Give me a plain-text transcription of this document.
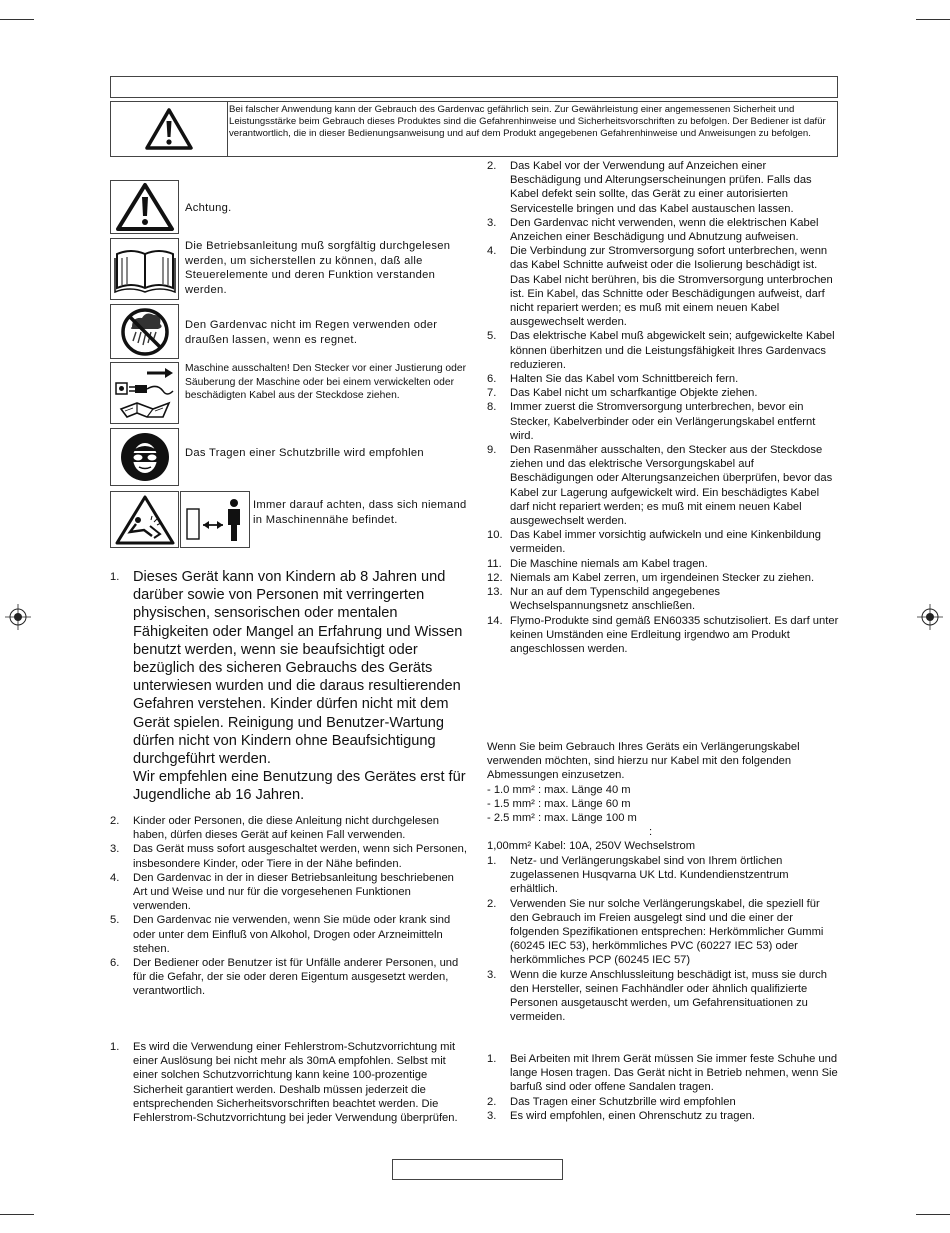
Bei falscher Anwendung kann der Gebrauch des Gardenvac gefährlich sein. Zur Gewährleistung einer angemessenen Sicherheit und Leistungsstärke beim Gebrauch dieses Produktes sind die Gefahrenhinweise und Sicherheitsvorschriften zu befolgen. Der Bediener ist dafür verantwortlich, die in dieser Bedienungsanweisung und auf dem Produkt angegebenen Gefahrenhinweise und Anweisungen zu befolgen.
Achtung.
Die Betriebsanleitung muß sorgfältig durchgelesen werden, um sicherstellen zu können, daß alle Steuerelemente und deren Funktion verstanden werden.
Den Gardenvac nicht im Regen verwenden oder draußen lassen, wenn es regnet.
Maschine ausschalten! Den Stecker vor einer Justierung oder Säuberung der Maschine oder bei einem verwickelten oder beschädigten Kabel aus der Steckdose ziehen.
Das Tragen einer Schutzbrille wird empfohlen
Immer darauf achten, dass sich niemand in Maschinennähe befindet.
1. Dieses Gerät kann von Kindern ab 8 Jahren und darüber sowie von Personen mit verringerten physischen, sensorischen oder mentalen Fähigkeiten oder Mangel an Erfahrung und Wissen benutzt werden, wenn sie beaufsichtigt oder bezüglich des sicheren Gebrauchs des Geräts unterwiesen wurden und die daraus resultierenden Gefahren verstehen. Kinder dürfen nicht mit dem Gerät spielen. Reinigung und Benutzer-Wartung dürfen nicht von Kindern ohne Beaufsichtigung durchgeführt werden.
Wir empfehlen eine Benutzung des Gerätes erst für Jugendliche ab 16 Jahren.
2. Kinder oder Personen, die diese Anleitung nicht durchgelesen haben, dürfen dieses Gerät auf keinen Fall verwenden.
3. Das Gerät muss sofort ausgeschaltet werden, wenn sich Personen, insbesondere Kinder, oder Tiere in der Nähe befinden.
4. Den Gardenvac in der in dieser Betriebsanleitung beschriebenen Art und Weise und nur für die vorgesehenen Funktionen verwenden.
5. Den Gardenvac nie verwenden, wenn Sie müde oder krank sind oder unter dem Einfluß von Alkohol, Drogen oder Arzneimitteln stehen.
6. Der Bediener oder Benutzer ist für Unfälle anderer Personen, und für die Gefahr, der sie oder deren Eigentum ausgesetzt werden, verantwortlich.
1. Es wird die Verwendung einer Fehlerstrom-Schutzvorrichtung mit einer Auslösung bei nicht mehr als 30mA empfohlen. Selbst mit einer solchen Schutzvorrichtung kann keine 100-prozentige Sicherheit garantiert werden. Deshalb müssen jederzeit die entsprechenden Sicherheitsvorschriften beachtet werden. Die Fehlerstrom-Schutzvorrichtung bei jeder Verwendung überprüfen.
2. Das Kabel vor der Verwendung auf Anzeichen einer Beschädigung und Alterungserscheinungen prüfen. Falls das Kabel defekt sein sollte, das Gerät zu einer autorisierten Servicestelle bringen und das Kabel austauschen lassen.
3. Den Gardenvac nicht verwenden, wenn die elektrischen Kabel Anzeichen einer Beschädigung und Abnutzung aufweisen.
4. Die Verbindung zur Stromversorgung sofort unterbrechen, wenn das Kabel Schnitte aufweist oder die Isolierung beschädigt ist. Das Kabel nicht berühren, bis die Stromversorgung unterbrochen ist. Ein Kabel, das Schnitte oder Beschädigungen aufweist, darf nicht repariert werden; es muß mit einem neuen Kabel ausgewechselt werden.
5. Das elektrische Kabel muß abgewickelt sein; aufgewickelte Kabel können überhitzen und die Leistungsfähigkeit Ihres Gardenvacs reduzieren.
6. Halten Sie das Kabel vom Schnittbereich fern.
7. Das Kabel nicht um scharfkantige Objekte ziehen.
8. Immer zuerst die Stromversorgung unterbrechen, bevor ein Stecker, Kabelverbinder oder ein Verlängerungskabel entfernt wird.
9. Den Rasenmäher ausschalten, den Stecker aus der Steckdose ziehen und das elektrische Versorgungskabel auf Beschädigungen oder Alterungsanzeichen überprüfen, bevor das Kabel zur Lagerung aufgewickelt wird. Ein beschädigtes Kabel darf nicht repariert werden; es muß mit einem neuen Kabel ausgewechselt werden.
10. Das Kabel immer vorsichtig aufwickeln und eine Kinkenbildung vermeiden.
11. Die Maschine niemals am Kabel tragen.
12. Niemals am Kabel zerren, um irgendeinen Stecker zu ziehen.
13. Nur an auf dem Typenschild angegebenes Wechselspannungsnetz anschließen.
14. Flymo-Produkte sind gemäß EN60335 schutzisoliert. Es darf unter keinen Umständen eine Erdleitung irgendwo am Produkt angeschlossen werden.
Wenn Sie beim Gebrauch Ihres Geräts ein Verlängerungskabel verwenden möchten, sind hierzu nur Kabel mit den folgenden Abmessungen einzusetzen.
- 1.0 mm² : max. Länge 40 m
- 1.5 mm² : max. Länge 60 m
- 2.5 mm² : max. Länge 100 m
:
1,00mm² Kabel: 10A, 250V Wechselstrom
1. Netz- und Verlängerungskabel sind von Ihrem örtlichen zugelassenen Husqvarna UK Ltd. Kundendienstzentrum erhältlich.
2. Verwenden Sie nur solche Verlängerungskabel, die speziell für den Gebrauch im Freien ausgelegt sind und die einer der folgenden Spezifikationen entsprechen: Herkömmlicher Gummi (60245 IEC 53), herkömmliches PVC (60227 IEC 53) oder herkömmliches PCP (60245 IEC 57)
3. Wenn die kurze Anschlussleitung beschädigt ist, muss sie durch den Hersteller, seinen Fachhändler oder ähnlich qualifizierte Personen ausgetauscht werden, um Gefahrensituationen zu vermeiden.
1. Bei Arbeiten mit Ihrem Gerät müssen Sie immer feste Schuhe und lange Hosen tragen. Das Gerät nicht in Betrieb nehmen, wenn Sie barfuß sind oder offene Sandalen tragen.
2. Das Tragen einer Schutzbrille wird empfohlen
3. Es wird empfohlen, einen Ohrenschutz zu tragen.
